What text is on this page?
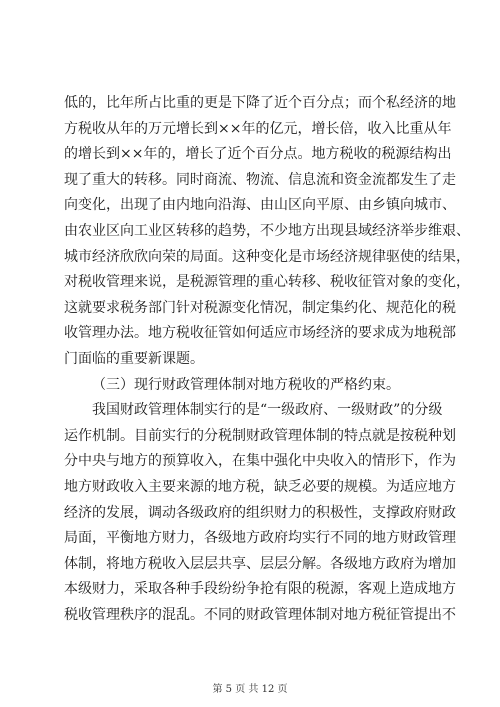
低的，比年所占比重的更是下降了近个百分点；而个私经济的地
方税收从年的万元增长到××年的亿元，增长倍，收入比重从年
的增长到××年的，增长了近个百分点。地方税收的税源结构出
现了重大的转移。同时商流、物流、信息流和资金流都发生了走
向变化，出现了由内地向沿海、由山区向平原、由乡镇向城市、
由农业区向工业区转移的趋势，不少地方出现县域经济举步维艰、
城市经济欣欣向荣的局面。这种变化是市场经济规律驱使的结果，
对税收管理来说，是税源管理的重心转移、税收征管对象的变化，
这就要求税务部门针对税源变化情况，制定集约化、规范化的税
收管理办法。地方税收征管如何适应市场经济的要求成为地税部
门面临的重要新课题。
（三）现行财政管理体制对地方税收的严格约束。
我国财政管理体制实行的是“一级政府、一级财政”的分级
运作机制。目前实行的分税制财政管理体制的特点就是按税种划
分中央与地方的预算收入，在集中强化中央收入的情形下，作为
地方财政收入主要来源的地方税，缺乏必要的规模。为适应地方
经济的发展，调动各级政府的组织财力的积极性，支撑政府财政
局面，平衡地方财力，各级地方政府均实行不同的地方财政管理
体制，将地方税收入层层共享、层层分解。各级地方政府为增加
本级财力，采取各种手段纷纷争抢有限的税源，客观上造成地方
税收管理秩序的混乱。不同的财政管理体制对地方税征管提出不
第 5 页 共 12 页
